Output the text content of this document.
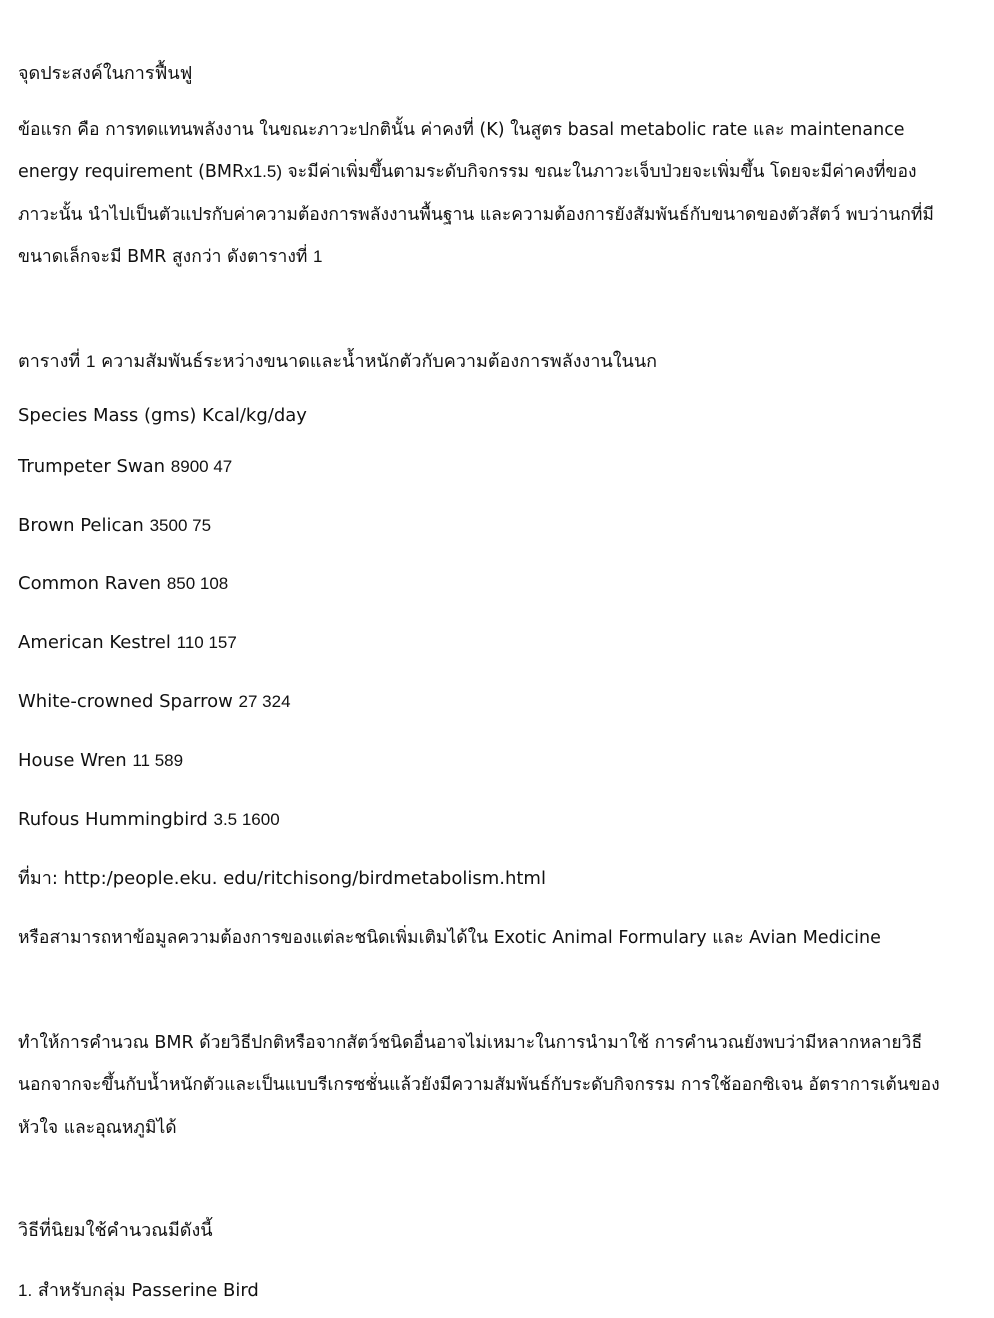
จุดประสงค์ในการฟื้นฟู
ข้อแรก คือ การทดแทนพลังงาน ในขณะภาวะปกตินั้น ค่าคงที่ (K) ในสูตร basal metabolic rate และ maintenance
energy requirement (BMRx1.5) จะมีค่าเพิ่มขึ้นตามระดับกิจกรรม ขณะในภาวะเจ็บป่วยจะเพิ่มขึ้น โดยจะมีค่าคงที่ของ
ภาวะนั้น นำไปเป็นตัวแปรกับค่าความต้องการพลังงานพื้นฐาน และความต้องการยังสัมพันธ์กับขนาดของตัวสัตว์ พบว่านกที่มี
ขนาดเล็กจะมี BMR สูงกว่า ดังตารางที่ 1
ตารางที่ 1 ความสัมพันธ์ระหว่างขนาดและน้ำหนักตัวกับความต้องการพลังงานในนก
Species Mass (gms) Kcal/kg/day
Trumpeter Swan 8900 47
Brown Pelican 3500 75
Common Raven 850 108
American Kestrel 110 157
White-crowned Sparrow 27 324
House Wren 11 589
Rufous Hummingbird 3.5 1600
ที่มา: http:/people.eku. edu/ritchisong/birdmetabolism.html
หรือสามารถหาข้อมูลความต้องการของแต่ละชนิดเพิ่มเติมได้ใน Exotic Animal Formulary และ Avian Medicine
ทำให้การคำนวณ BMR ด้วยวิธีปกติหรือจากสัตว์ชนิดอื่นอาจไม่เหมาะในการนำมาใช้ การคำนวณยังพบว่ามีหลากหลายวิธี
นอกจากจะขึ้นกับน้ำหนักตัวและเป็นแบบรีเกรซชั่นแล้วยังมีความสัมพันธ์กับระดับกิจกรรม การใช้ออกซิเจน อัตราการเต้นของ
หัวใจ และอุณหภูมิได้
วิธีที่นิยมใช้คำนวณมีดังนี้
1. สำหรับกลุ่ม Passerine Bird
